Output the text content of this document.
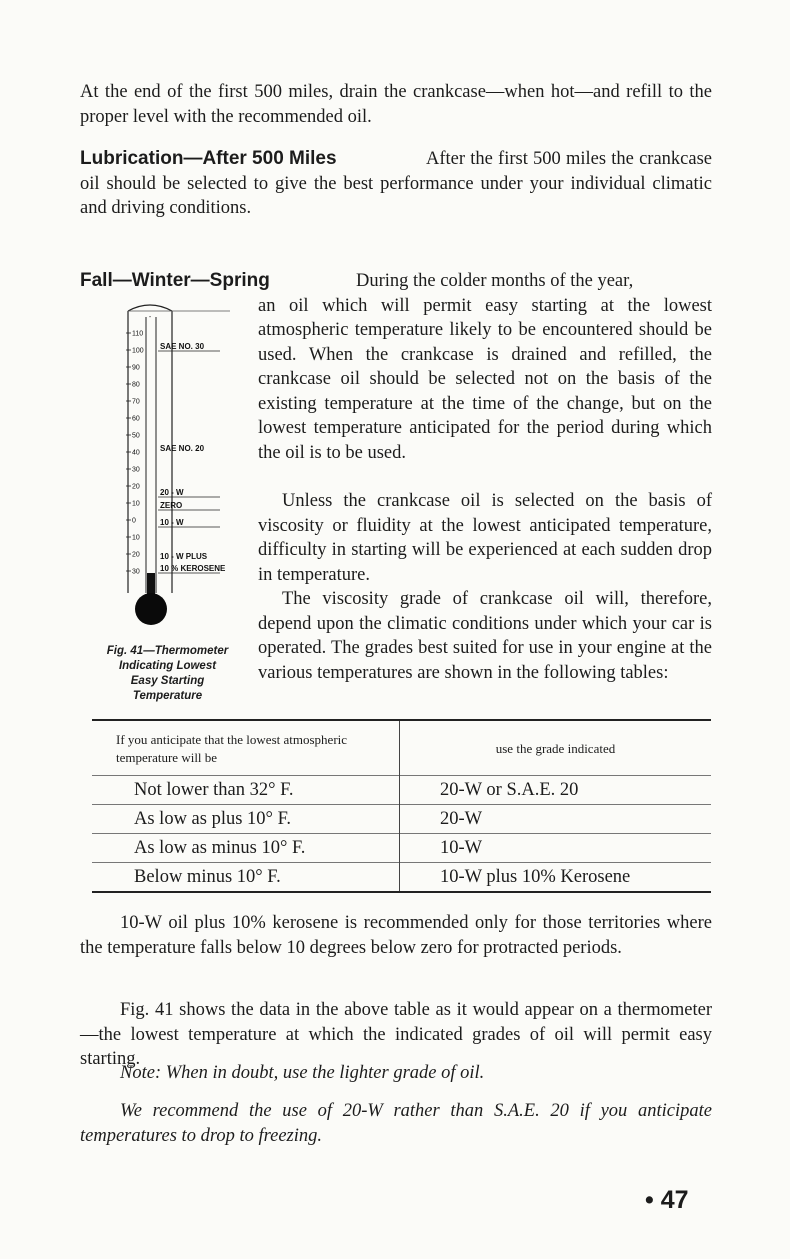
At the end of the first 500 miles, drain the crankcase—when hot—and refill to the proper level with the recommended oil.

Lubrication—After 500 Miles	After the first 500 miles the crankcase oil should be selected to give the best performance under your individual climatic and driving conditions.

Fall—Winter—Spring	During the colder months of the year,

an oil which will permit easy starting at the lowest atmospheric temperature likely to be encountered should be used. When the crankcase is drained and refilled, the crankcase oil should be selected not on the basis of the existing temperature at the time of the change, but on the lowest temperature anticipated for the period during which the oil is to be used.

Unless the crankcase oil is selected on the basis of viscosity or fluidity at the lowest anticipated temperature, difficulty in starting will be experienced at each sudden drop in temperature.

The viscosity grade of crankcase oil will, therefore, depend upon the climatic conditions under which your car is operated. The grades best suited for use in your engine at the various temperatures are shown in the following tables:

-
110
100
90
80
70
60
50
40
30
20
10
0
10
20
30
SAE NO. 30
SAE NO. 20
20 - W
ZERO
10 - W
10 - W PLUS
10 % KEROSENE
Fig. 41—Thermometer
Indicating Lowest
Easy Starting
Temperature
If you anticipate that the lowest atmospheric temperature will be	use the grade indicated
Not lower than 32° F.	20-W or S.A.E. 20
As low as plus 10° F.	20-W
As low as minus 10° F.	10-W
Below minus 10° F.	10-W plus 10% Kerosene

10-W oil plus 10% kerosene is recommended only for those territories where the temperature falls below 10 degrees below zero for protracted periods.

Fig. 41 shows the data in the above table as it would appear on a thermometer—the lowest temperature at which the indicated grades of oil will permit easy starting.

Note: When in doubt, use the lighter grade of oil.

We recommend the use of 20-W rather than S.A.E. 20 if you anticipate temperatures to drop to freezing.

• 47
